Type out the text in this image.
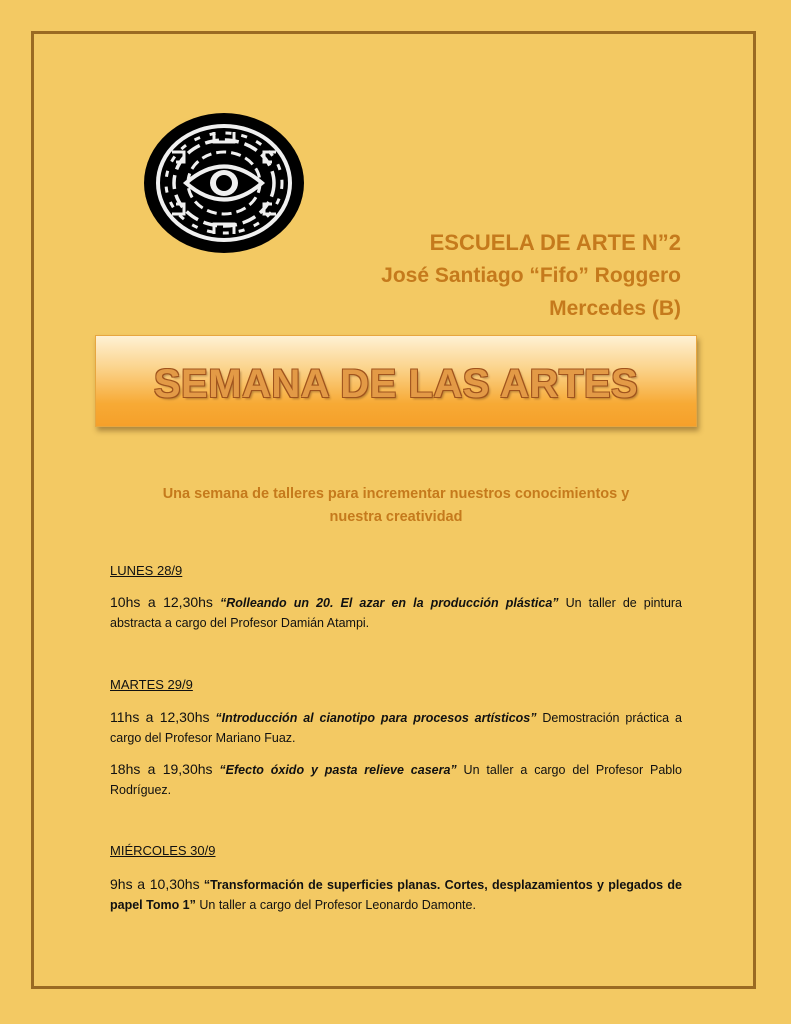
ESCUELA DE ARTE N”2
José Santiago “Fifo” Roggero
Mercedes (B)
SEMANA DE LAS ARTES
Una semana de talleres para incrementar nuestros conocimientos y
nuestra creatividad
LUNES 28/9
10hs a 12,30hs “Rolleando un 20. El azar en la producción plástica” Un taller de pintura abstracta a cargo del Profesor Damián Atampi.
MARTES 29/9
11hs a 12,30hs “Introducción al cianotipo para procesos artísticos” Demostración práctica a cargo del Profesor Mariano Fuaz.
18hs a 19,30hs “Efecto óxido y pasta relieve casera” Un taller a cargo del Profesor Pablo Rodríguez.
MIÉRCOLES 30/9
9hs a 10,30hs “Transformación de superficies planas. Cortes, desplazamientos y plegados de papel Tomo 1” Un taller a cargo del Profesor Leonardo Damonte.
